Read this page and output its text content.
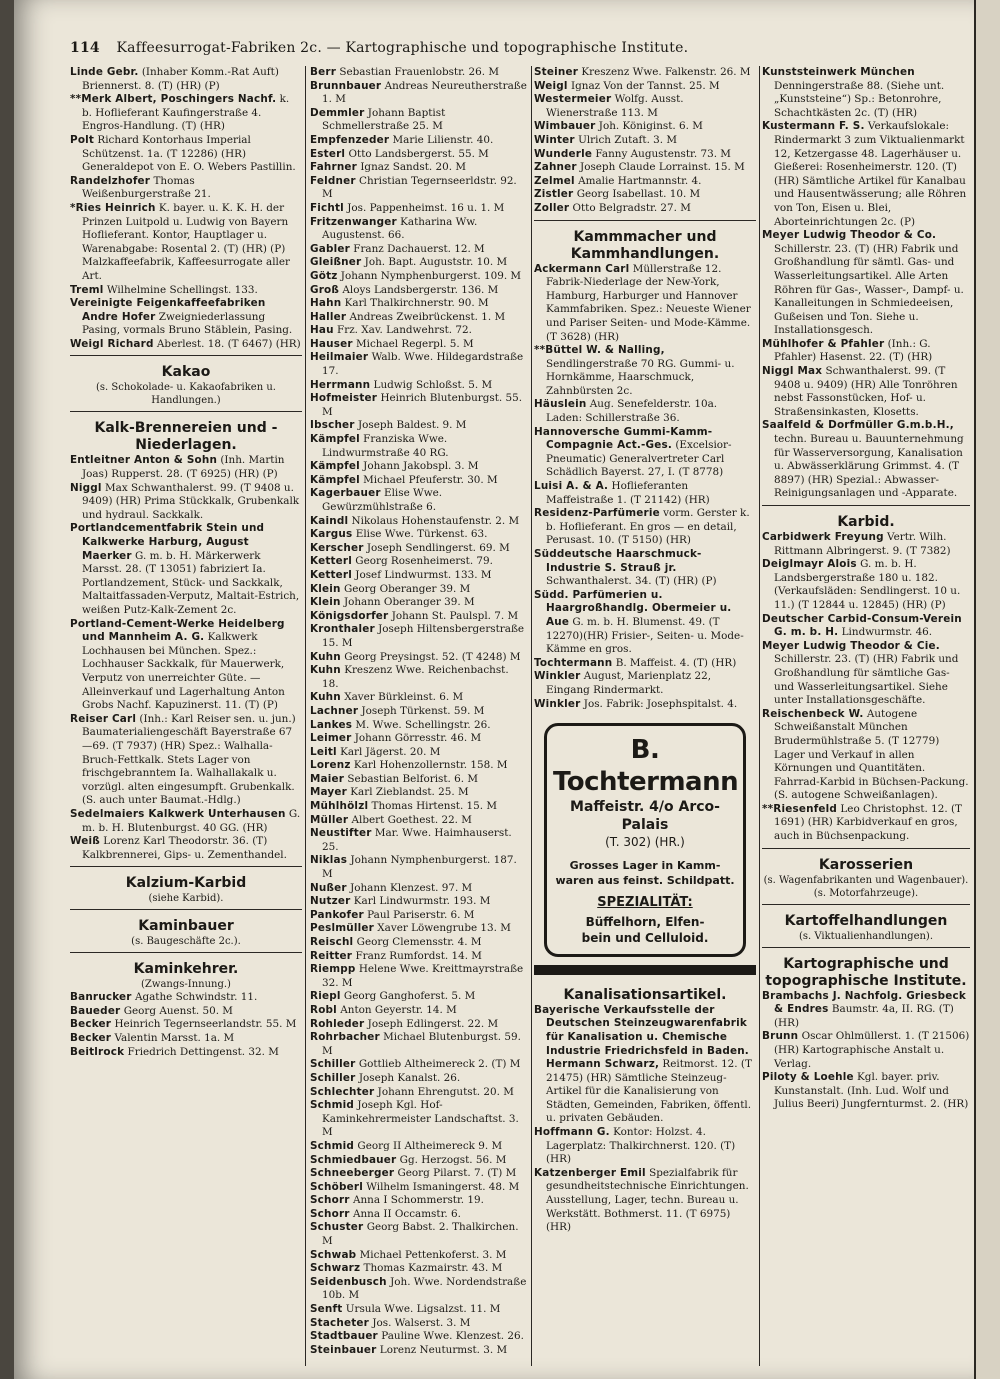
114 Kaffeesurrogat-Fabriken 2c. — Kartographische und topographische Institute.

Linde Gebr. (Inhaber Komm.-Rat Auft) Briennerst. 8. (T) (HR) (P)

**Merk Albert, Poschingers Nachf. k. b. Hoflieferant Kaufingerstraße 4. Engros-Handlung. (T) (HR)

Polt Richard Kontorhaus Imperial Schützenst. 1a. (T 12286) (HR) Generaldepot von E. O. Webers Pastillin.

Randelzhofer Thomas Weißenburgerstraße 21.

*Ries Heinrich K. bayer. u. K. K. H. der Prinzen Luitpold u. Ludwig von Bayern Hoflieferant. Kontor, Hauptlager u. Warenabgabe: Rosental 2. (T) (HR) (P) Malzkaffeefabrik, Kaffeesurrogate aller Art.

Treml Wilhelmine Schellingst. 133.

Vereinigte Feigenkaffeefabriken Andre Hofer Zweigniederlassung Pasing, vormals Bruno Stäblein, Pasing.

Weigl Richard Aberlest. 18. (T 6467) (HR)

Kakao

(s. Schokolade- u. Kakaofabriken u. Handlungen.)

Kalk-Brennereien und -Niederlagen.

Entleitner Anton & Sohn (Inh. Martin Joas) Rupperst. 28. (T 6925) (HR) (P)

Niggl Max Schwanthalerst. 99. (T 9408 u. 9409) (HR) Prima Stückkalk, Grubenkalk und hydraul. Sackkalk.

Portlandcementfabrik Stein und Kalkwerke Harburg, August Maerker G. m. b. H. Märkerwerk Marsst. 28. (T 13051) fabriziert Ia. Portlandzement, Stück- und Sackkalk, Maltaitfassaden-Verputz, Maltait-Estrich, weißen Putz-Kalk-Zement 2c.

Portland-Cement-Werke Heidelberg und Mannheim A. G. Kalkwerk Lochhausen bei München. Spez.: Lochhauser Sackkalk, für Mauerwerk, Verputz von unerreichter Güte. — Alleinverkauf und Lagerhaltung Anton Grobs Nachf. Kapuzinerst. 11. (T) (P)

Reiser Carl (Inh.: Karl Reiser sen. u. jun.) Baumaterialiengeschäft Bayerstraße 67—69. (T 7937) (HR) Spez.: Walhalla-Bruch-Fettkalk. Stets Lager von frischgebranntem Ia. Walhallakalk u. vorzügl. alten eingesumpft. Grubenkalk. (S. auch unter Baumat.-Hdlg.)

Sedelmaiers Kalkwerk Unterhausen G. m. b. H. Blutenburgst. 40 GG. (HR)

Weiß Lorenz Karl Theodorstr. 36. (T) Kalkbrennerei, Gips- u. Zementhandel.

Kalzium-Karbid

(siehe Karbid).

Kaminbauer

(s. Baugeschäfte 2c.).

Kaminkehrer.

(Zwangs-Innung.)

Banrucker Agathe Schwindstr. 11.

Baueder Georg Auenst. 50. M

Becker Heinrich Tegernseerlandstr. 55. M

Becker Valentin Marsst. 1a. M

Beitlrock Friedrich Dettingenst. 32. M

Berr Sebastian Frauenlobstr. 26. M

Brunnbauer Andreas Neureutherstraße 1. M

Demmler Johann Baptist Schmellerstraße 25. M

Empfenzeder Marie Lilienstr. 40.

Esterl Otto Landsbergerst. 55. M

Fahrner Ignaz Sandst. 20. M

Feldner Christian Tegernseerldstr. 92. M

Fichtl Jos. Pappenheimst. 16 u. 1. M

Fritzenwanger Katharina Ww. Augustenst. 66.

Gabler Franz Dachauerst. 12. M

Gleißner Joh. Bapt. Auguststr. 10. M

Götz Johann Nymphenburgerst. 109. M

Groß Aloys Landsbergerstr. 136. M

Hahn Karl Thalkirchnerstr. 90. M

Haller Andreas Zweibrückenst. 1. M

Hau Frz. Xav. Landwehrst. 72.

Hauser Michael Regerpl. 5. M

Heilmaier Walb. Wwe. Hildegardstraße 17.

Herrmann Ludwig Schloßst. 5. M

Hofmeister Heinrich Blutenburgst. 55. M

Ibscher Joseph Baldest. 9. M

Kämpfel Franziska Wwe. Lindwurmstraße 40 RG.

Kämpfel Johann Jakobspl. 3. M

Kämpfel Michael Pfeuferstr. 30. M

Kagerbauer Elise Wwe. Gewürzmühlstraße 6.

Kaindl Nikolaus Hohenstaufenstr. 2. M

Kargus Elise Wwe. Türkenst. 63.

Kerscher Joseph Sendlingerst. 69. M

Ketterl Georg Rosenheimerst. 79.

Ketterl Josef Lindwurmst. 133. M

Klein Georg Oberanger 39. M

Klein Johann Oberanger 39. M

Königsdorfer Johann St. Paulspl. 7. M

Kronthaler Joseph Hiltensbergerstraße 15. M

Kuhn Georg Preysingst. 52. (T 4248) M

Kuhn Kreszenz Wwe. Reichenbachst. 18.

Kuhn Xaver Bürkleinst. 6. M

Lachner Joseph Türkenst. 59. M

Lankes M. Wwe. Schellingstr. 26.

Leimer Johann Görresstr. 46. M

Leitl Karl Jägerst. 20. M

Lorenz Karl Hohenzollernstr. 158. M

Maier Sebastian Belforist. 6. M

Mayer Karl Zieblandst. 25. M

Mühlhölzl Thomas Hirtenst. 15. M

Müller Albert Goethest. 22. M

Neustifter Mar. Wwe. Haimhauserst. 25.

Niklas Johann Nymphenburgerst. 187. M

Nußer Johann Klenzest. 97. M

Nutzer Karl Lindwurmstr. 193. M

Pankofer Paul Pariserstr. 6. M

Peslmüller Xaver Löwengrube 13. M

Reischl Georg Clemensstr. 4. M

Reitter Franz Rumfordst. 14. M

Riempp Helene Wwe. Kreittmayrstraße 32. M

Riepl Georg Ganghoferst. 5. M

Robl Anton Geyerstr. 14. M

Rohleder Joseph Edlingerst. 22. M

Rohrbacher Michael Blutenburgst. 59. M

Schiller Gottlieb Altheimereck 2. (T) M

Schiller Joseph Kanalst. 26.

Schlechter Johann Ehrengutst. 20. M

Schmid Joseph Kgl. Hof-Kaminkehrermeister Landschaftst. 3. M

Schmid Georg II Altheimereck 9. M

Schmiedbauer Gg. Herzogst. 56. M

Schneeberger Georg Pilarst. 7. (T) M

Schöberl Wilhelm Ismaningerst. 48. M

Schorr Anna I Schommerstr. 19.

Schorr Anna II Occamstr. 6.

Schuster Georg Babst. 2. Thalkirchen. M

Schwab Michael Pettenkoferst. 3. M

Schwarz Thomas Kazmairstr. 43. M

Seidenbusch Joh. Wwe. Nordendstraße 10b. M

Senft Ursula Wwe. Ligsalzst. 11. M

Stacheter Jos. Walserst. 3. M

Stadtbauer Pauline Wwe. Klenzest. 26.

Steinbauer Lorenz Neuturmst. 3. M

Steiner Kreszenz Wwe. Falkenstr. 26. M

Weigl Ignaz Von der Tannst. 25. M

Westermeier Wolfg. Ausst. Wienerstraße 113. M

Wimbauer Joh. Königinst. 6. M

Winter Ulrich Zutaft. 3. M

Wunderle Fanny Augustenstr. 73. M

Zahner Joseph Claude Lorrainst. 15. M

Zelmel Amalie Hartmannstr. 4.

Zistler Georg Isabellast. 10. M

Zoller Otto Belgradstr. 27. M

Kammmacher und Kammhandlungen.

Ackermann Carl Müllerstraße 12. Fabrik-Niederlage der New-York, Hamburg, Harburger und Hannover Kammfabriken. Spez.: Neueste Wiener und Pariser Seiten- und Mode-Kämme. (T 3628) (HR)

**Büttel W. & Nalling, Sendlingerstraße 70 RG. Gummi- u. Hornkämme, Haarschmuck, Zahnbürsten 2c.

Häuslein Aug. Senefelderstr. 10a. Laden: Schillerstraße 36.

Hannoversche Gummi-Kamm-Compagnie Act.-Ges. (Excelsior-Pneumatic) Generalvertreter Carl Schädlich Bayerst. 27, I. (T 8778)

Luisi A. & A. Hoflieferanten Maffeistraße 1. (T 21142) (HR)

Residenz-Parfümerie vorm. Gerster k. b. Hoflieferant. En gros — en detail, Perusast. 10. (T 5150) (HR)

Süddeutsche Haarschmuck-Industrie S. Strauß jr. Schwanthalerst. 34. (T) (HR) (P)

Südd. Parfümerien u. Haargroßhandlg. Obermeier u. Aue G. m. b. H. Blumenst. 49. (T 12270)(HR) Frisier-, Seiten- u. Mode-Kämme en gros.

Tochtermann B. Maffeist. 4. (T) (HR)

Winkler August, Marienplatz 22, Eingang Rindermarkt.

Winkler Jos. Fabrik: Josephspitalst. 4.

B. Tochtermann
Maffeistr. 4/o Arco-Palais
(T. 302) (HR.)
Grosses Lager in Kamm-
waren aus feinst. Schildpatt.
SPEZIALITÄT:
Büffelhorn, Elfen-
bein und Celluloid.

Kanalisationsartikel.

Bayerische Verkaufsstelle der Deutschen Steinzeugwarenfabrik für Kanalisation u. Chemische Industrie Friedrichsfeld in Baden. Hermann Schwarz, Reitmorst. 12. (T 21475) (HR) Sämtliche Steinzeug-Artikel für die Kanalisierung von Städten, Gemeinden, Fabriken, öffentl. u. privaten Gebäuden.

Hoffmann G. Kontor: Holzst. 4. Lagerplatz: Thalkirchnerst. 120. (T) (HR)

Katzenberger Emil Spezialfabrik für gesundheitstechnische Einrichtungen. Ausstellung, Lager, techn. Bureau u. Werkstätt. Bothmerst. 11. (T 6975) (HR)

Kunststeinwerk München Denningerstraße 88. (Siehe unt. „Kunststeine“) Sp.: Betonrohre, Schachtkästen 2c. (T) (HR)

Kustermann F. S. Verkaufslokale: Rindermarkt 3 zum Viktualienmarkt 12, Ketzergasse 48. Lagerhäuser u. Gießerei: Rosenheimerstr. 120. (T) (HR) Sämtliche Artikel für Kanalbau und Hausentwässerung; alle Röhren von Ton, Eisen u. Blei, Aborteinrichtungen 2c. (P)

Meyer Ludwig Theodor & Co. Schillerstr. 23. (T) (HR) Fabrik und Großhandlung für sämtl. Gas- und Wasserleitungsartikel. Alle Arten Röhren für Gas-, Wasser-, Dampf- u. Kanalleitungen in Schmiedeeisen, Gußeisen und Ton. Siehe u. Installationsgesch.

Mühlhofer & Pfahler (Inh.: G. Pfahler) Hasenst. 22. (T) (HR)

Niggl Max Schwanthalerst. 99. (T 9408 u. 9409) (HR) Alle Tonröhren nebst Fassonstücken, Hof- u. Straßensinkasten, Klosetts.

Saalfeld & Dorfmüller G.m.b.H., techn. Bureau u. Bauunternehmung für Wasserversorgung, Kanalisation u. Abwässerklärung Grimmst. 4. (T 8897) (HR) Spezial.: Abwasser-Reinigungsanlagen und -Apparate.

Karbid.

Carbidwerk Freyung Vertr. Wilh. Rittmann Albringerst. 9. (T 7382)

Deiglmayr Alois G. m. b. H. Landsbergerstraße 180 u. 182. (Verkaufsläden: Sendlingerst. 10 u. 11.) (T 12844 u. 12845) (HR) (P)

Deutscher Carbid-Consum-Verein G. m. b. H. Lindwurmstr. 46.

Meyer Ludwig Theodor & Cie. Schillerstr. 23. (T) (HR) Fabrik und Großhandlung für sämtliche Gas- und Wasserleitungsartikel. Siehe unter Installationsgeschäfte.

Reischenbeck W. Autogene Schweißanstalt München Brudermühlstraße 5. (T 12779) Lager und Verkauf in allen Körnungen und Quantitäten. Fahrrad-Karbid in Büchsen-Packung. (S. autogene Schweißanlagen).

**Riesenfeld Leo Christophst. 12. (T 1691) (HR) Karbidverkauf en gros, auch in Büchsenpackung.

Karosserien

(s. Wagenfabrikanten und Wagenbauer). (s. Motorfahrzeuge).

Kartoffelhandlungen

(s. Viktualienhandlungen).

Kartographische und topographische Institute.

Brambachs J. Nachfolg. Griesbeck & Endres Baumstr. 4a, II. RG. (T) (HR)

Brunn Oscar Ohlmüllerst. 1. (T 21506) (HR) Kartographische Anstalt u. Verlag.

Piloty & Loehle Kgl. bayer. priv. Kunstanstalt. (Inh. Lud. Wolf und Julius Beeri) Jungfernturmst. 2. (HR)
